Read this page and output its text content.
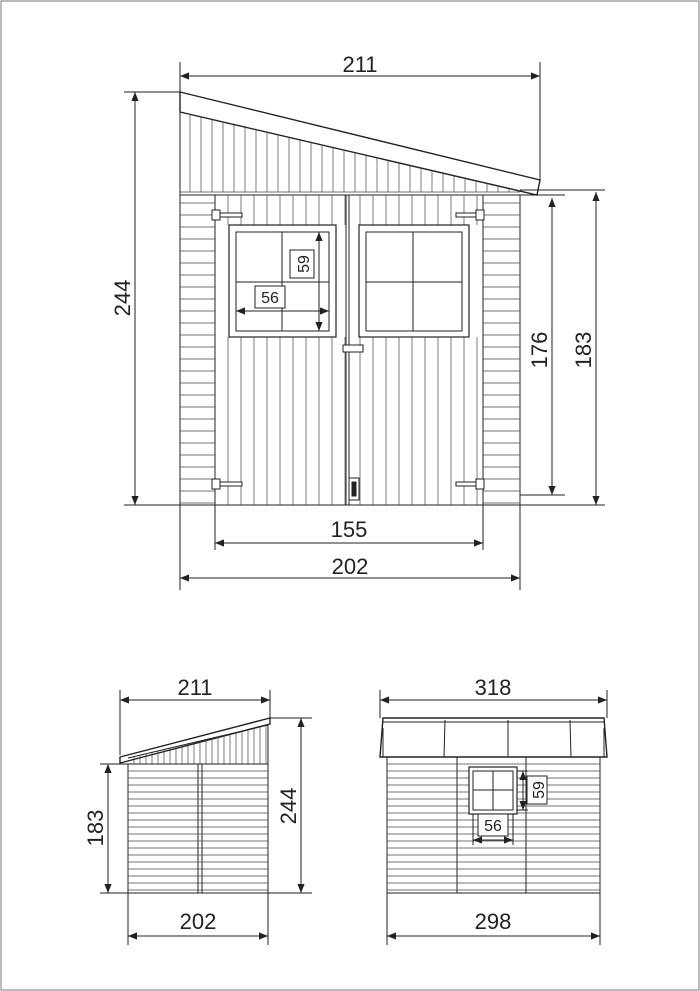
59
56
211
244
176 183
155
202
211
183
244
202
59
56
318
298
